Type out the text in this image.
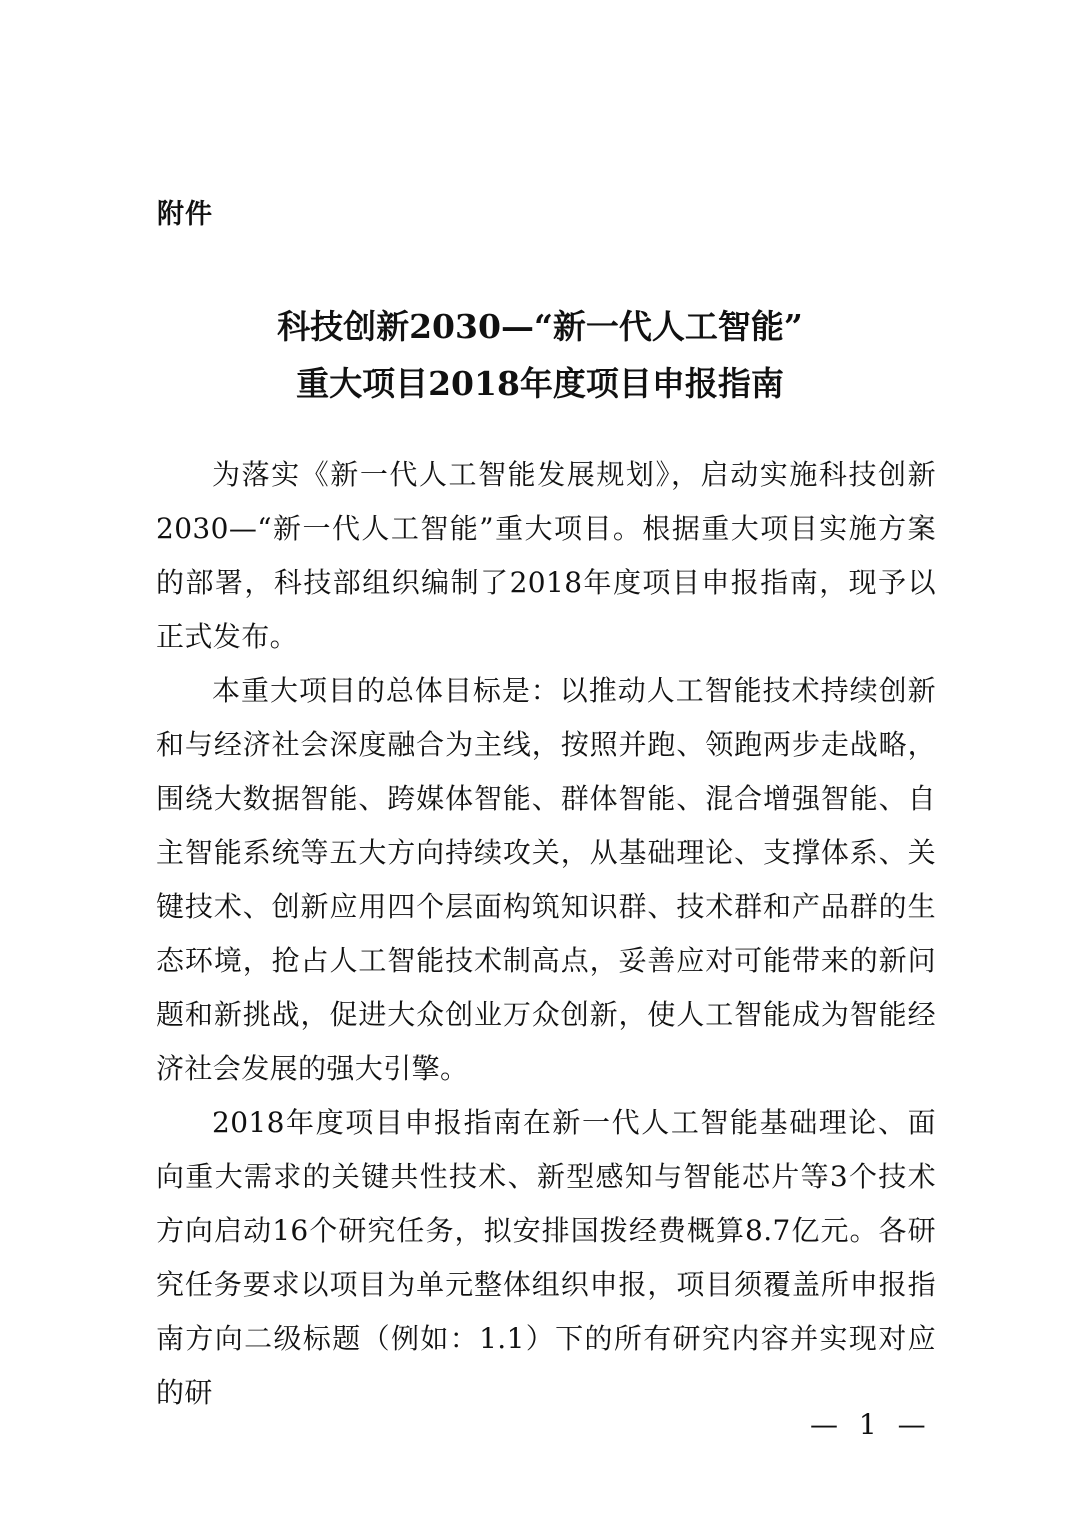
附件
科技创新2030—“新一代人工智能”
重大项目2018年度项目申报指南

为落实《新一代人工智能发展规划》，启动实施科技创新2030—“新一代人工智能”重大项目。根据重大项目实施方案的部署，科技部组织编制了2018年度项目申报指南，现予以正式发布。

本重大项目的总体目标是：以推动人工智能技术持续创新和与经济社会深度融合为主线，按照并跑、领跑两步走战略，围绕大数据智能、跨媒体智能、群体智能、混合增强智能、自主智能系统等五大方向持续攻关，从基础理论、支撑体系、关键技术、创新应用四个层面构筑知识群、技术群和产品群的生态环境，抢占人工智能技术制高点，妥善应对可能带来的新问题和新挑战，促进大众创业万众创新，使人工智能成为智能经济社会发展的强大引擎。

2018年度项目申报指南在新一代人工智能基础理论、面向重大需求的关键共性技术、新型感知与智能芯片等3个技术方向启动16个研究任务，拟安排国拨经费概算8.7亿元。各研究任务要求以项目为单元整体组织申报，项目须覆盖所申报指南方向二级标题（例如：1.1）下的所有研究内容并实现对应的研

— 1 —
